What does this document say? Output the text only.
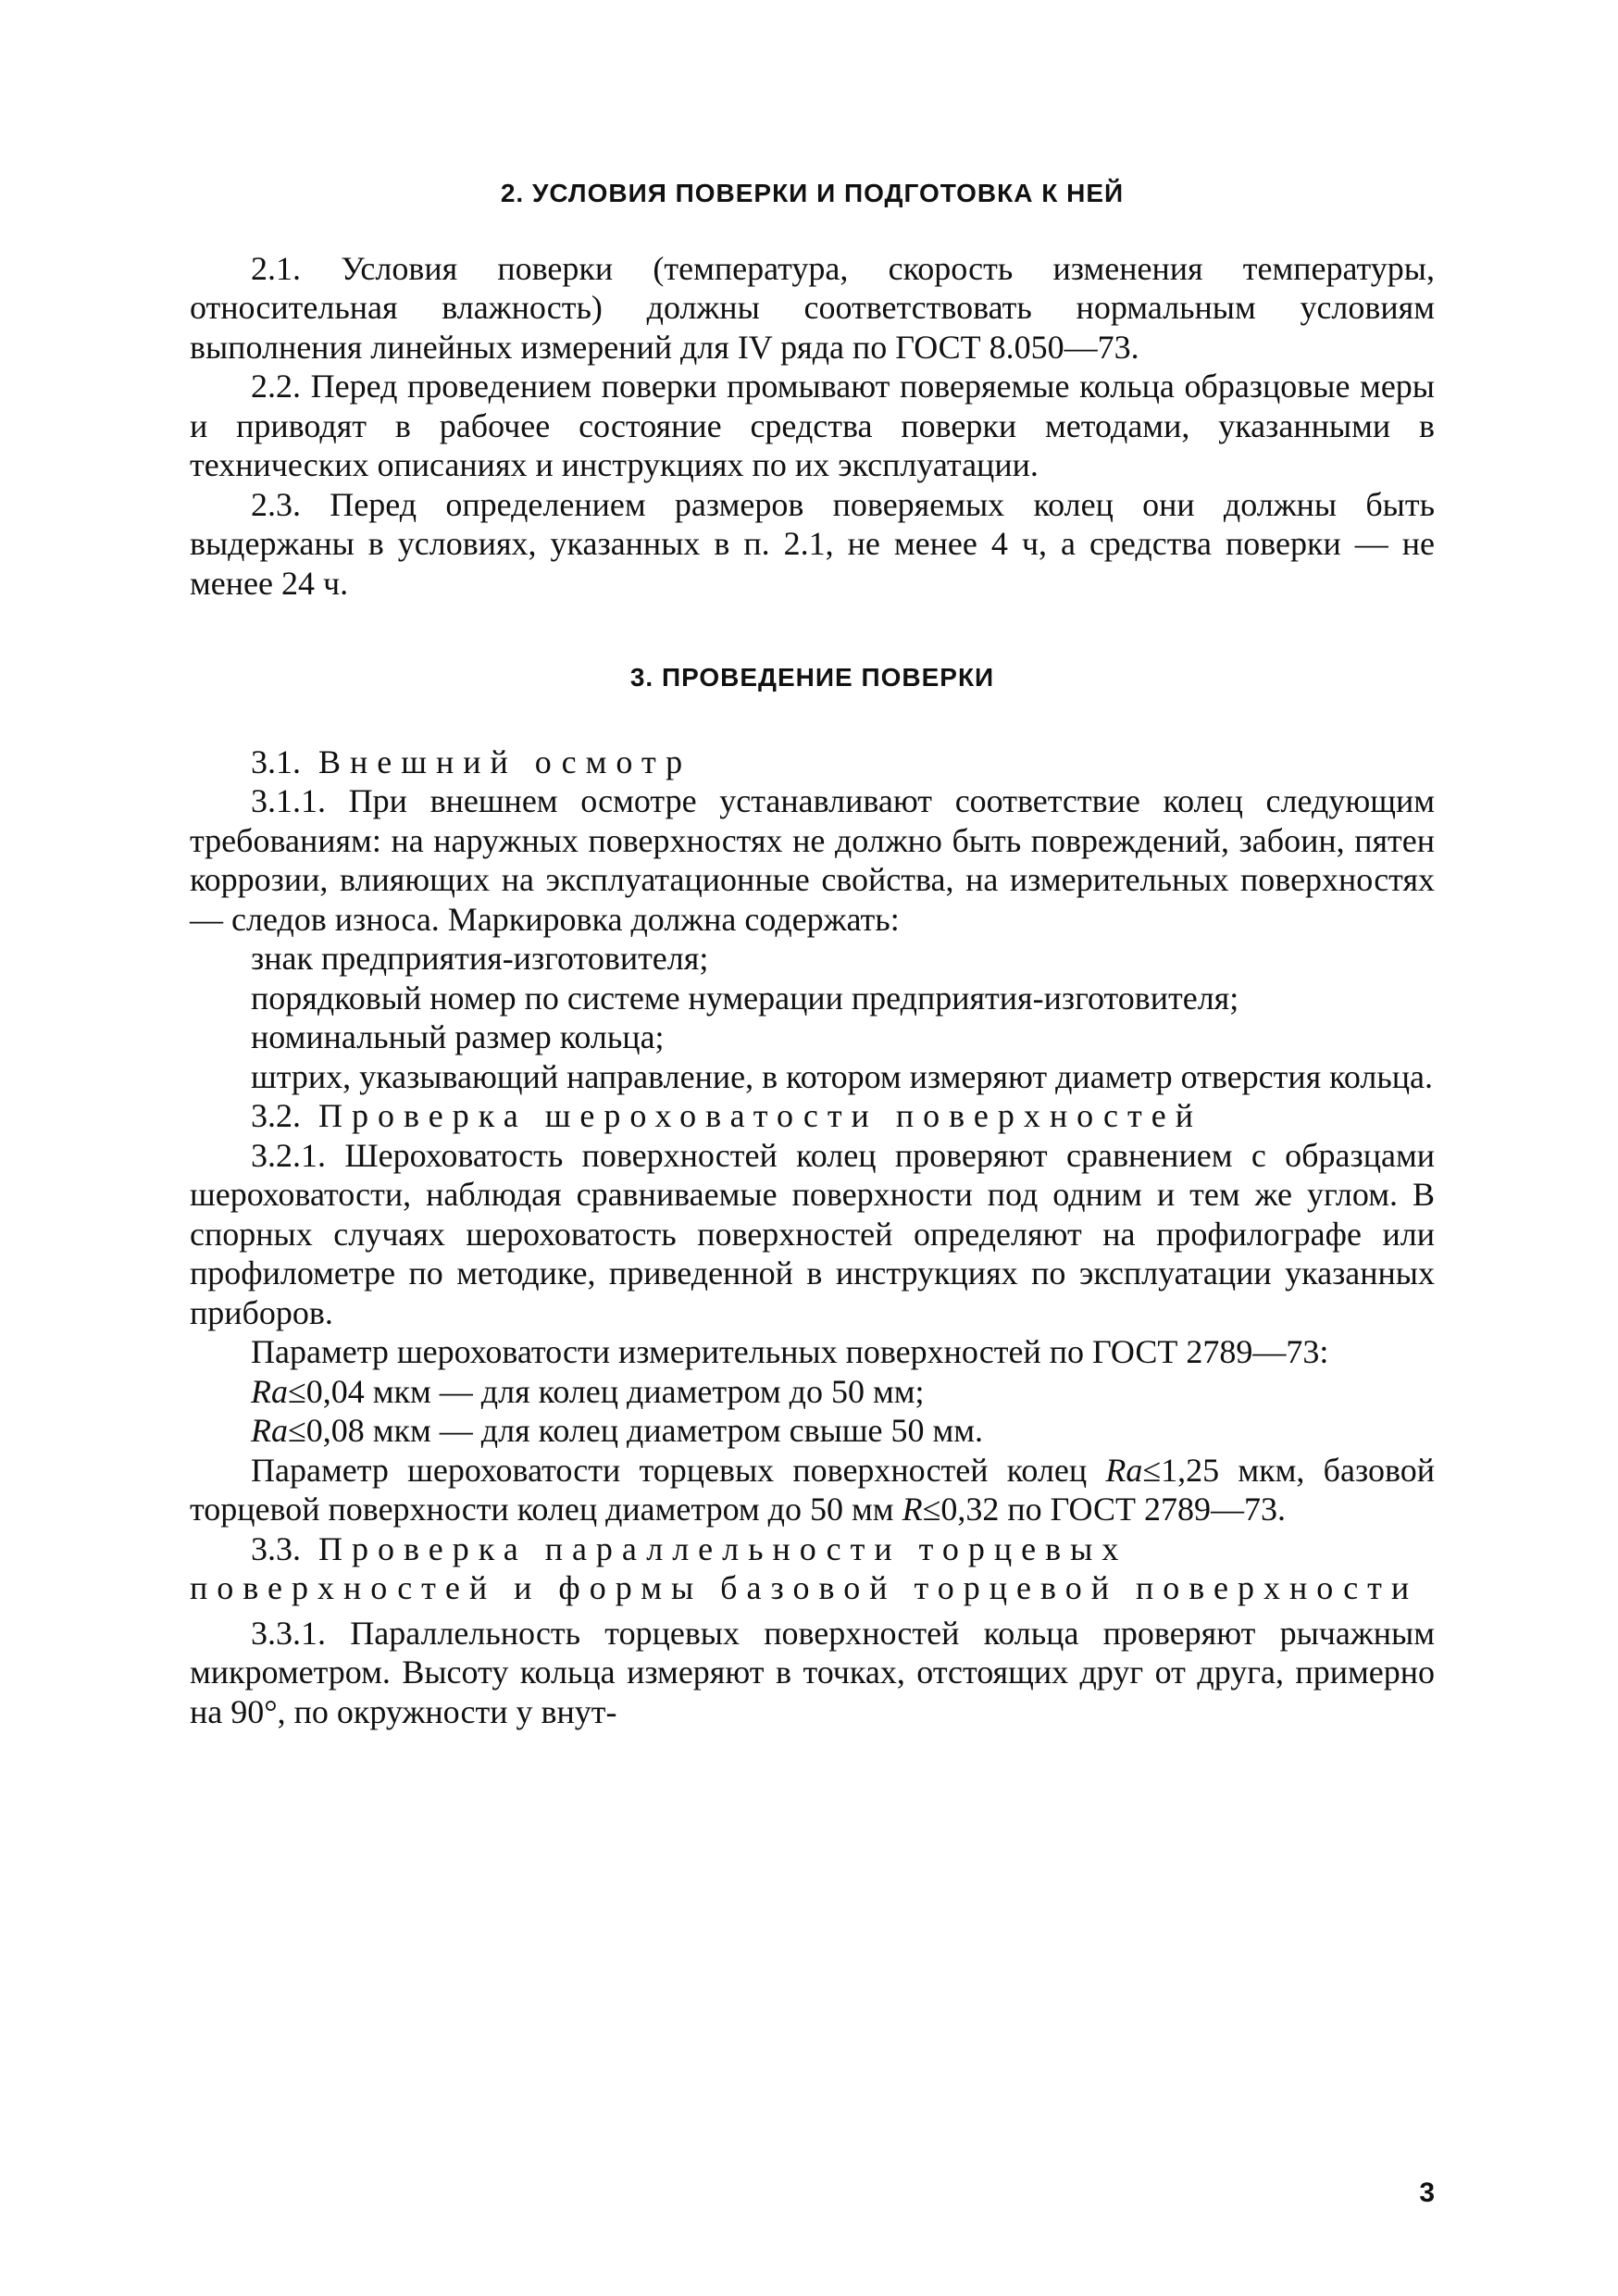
2. УСЛОВИЯ ПОВЕРКИ И ПОДГОТОВКА К НЕЙ

2.1. Условия поверки (температура, скорость изменения температуры, относительная влажность) должны соответствовать нормальным условиям выполнения линейных измерений для IV ряда по ГОСТ 8.050—73.

2.2. Перед проведением поверки промывают поверяемые кольца образцовые меры и приводят в рабочее состояние средства поверки методами, указанными в технических описаниях и инструкциях по их эксплуатации.

2.3. Перед определением размеров поверяемых колец они должны быть выдержаны в условиях, указанных в п. 2.1, не менее 4 ч, а средства поверки — не менее 24 ч.

3. ПРОВЕДЕНИЕ ПОВЕРКИ

3.1. Внешний осмотр

3.1.1. При внешнем осмотре устанавливают соответствие колец следующим требованиям: на наружных поверхностях не должно быть повреждений, забоин, пятен коррозии, влияющих на эксплуатационные свойства, на измерительных поверхностях — следов износа. Маркировка должна содержать:

знак предприятия-изготовителя;

порядковый номер по системе нумерации предприятия-изготовителя;

номинальный размер кольца;

штрих, указывающий направление, в котором измеряют диаметр отверстия кольца.

3.2. Проверка шероховатости поверхностей

3.2.1. Шероховатость поверхностей колец проверяют сравнением с образцами шероховатости, наблюдая сравниваемые поверхности под одним и тем же углом. В спорных случаях шероховатость поверхностей определяют на профилографе или профилометре по методике, приведенной в инструкциях по эксплуатации указанных приборов.

Параметр шероховатости измерительных поверхностей по ГОСТ 2789—73:

Ra≤0,04 мкм — для колец диаметром до 50 мм;

Ra≤0,08 мкм — для колец диаметром свыше 50 мм.

Параметр шероховатости торцевых поверхностей колец Ra≤1,25 мкм, базовой торцевой поверхности колец диаметром до 50 мм R≤0,32 по ГОСТ 2789—73.

3.3. Проверка параллельности торцевых поверхностей и формы базовой торцевой поверхности

3.3.1. Параллельность торцевых поверхностей кольца проверяют рычажным микрометром. Высоту кольца измеряют в точках, отстоящих друг от друга, примерно на 90°, по окружности у внут-

3
